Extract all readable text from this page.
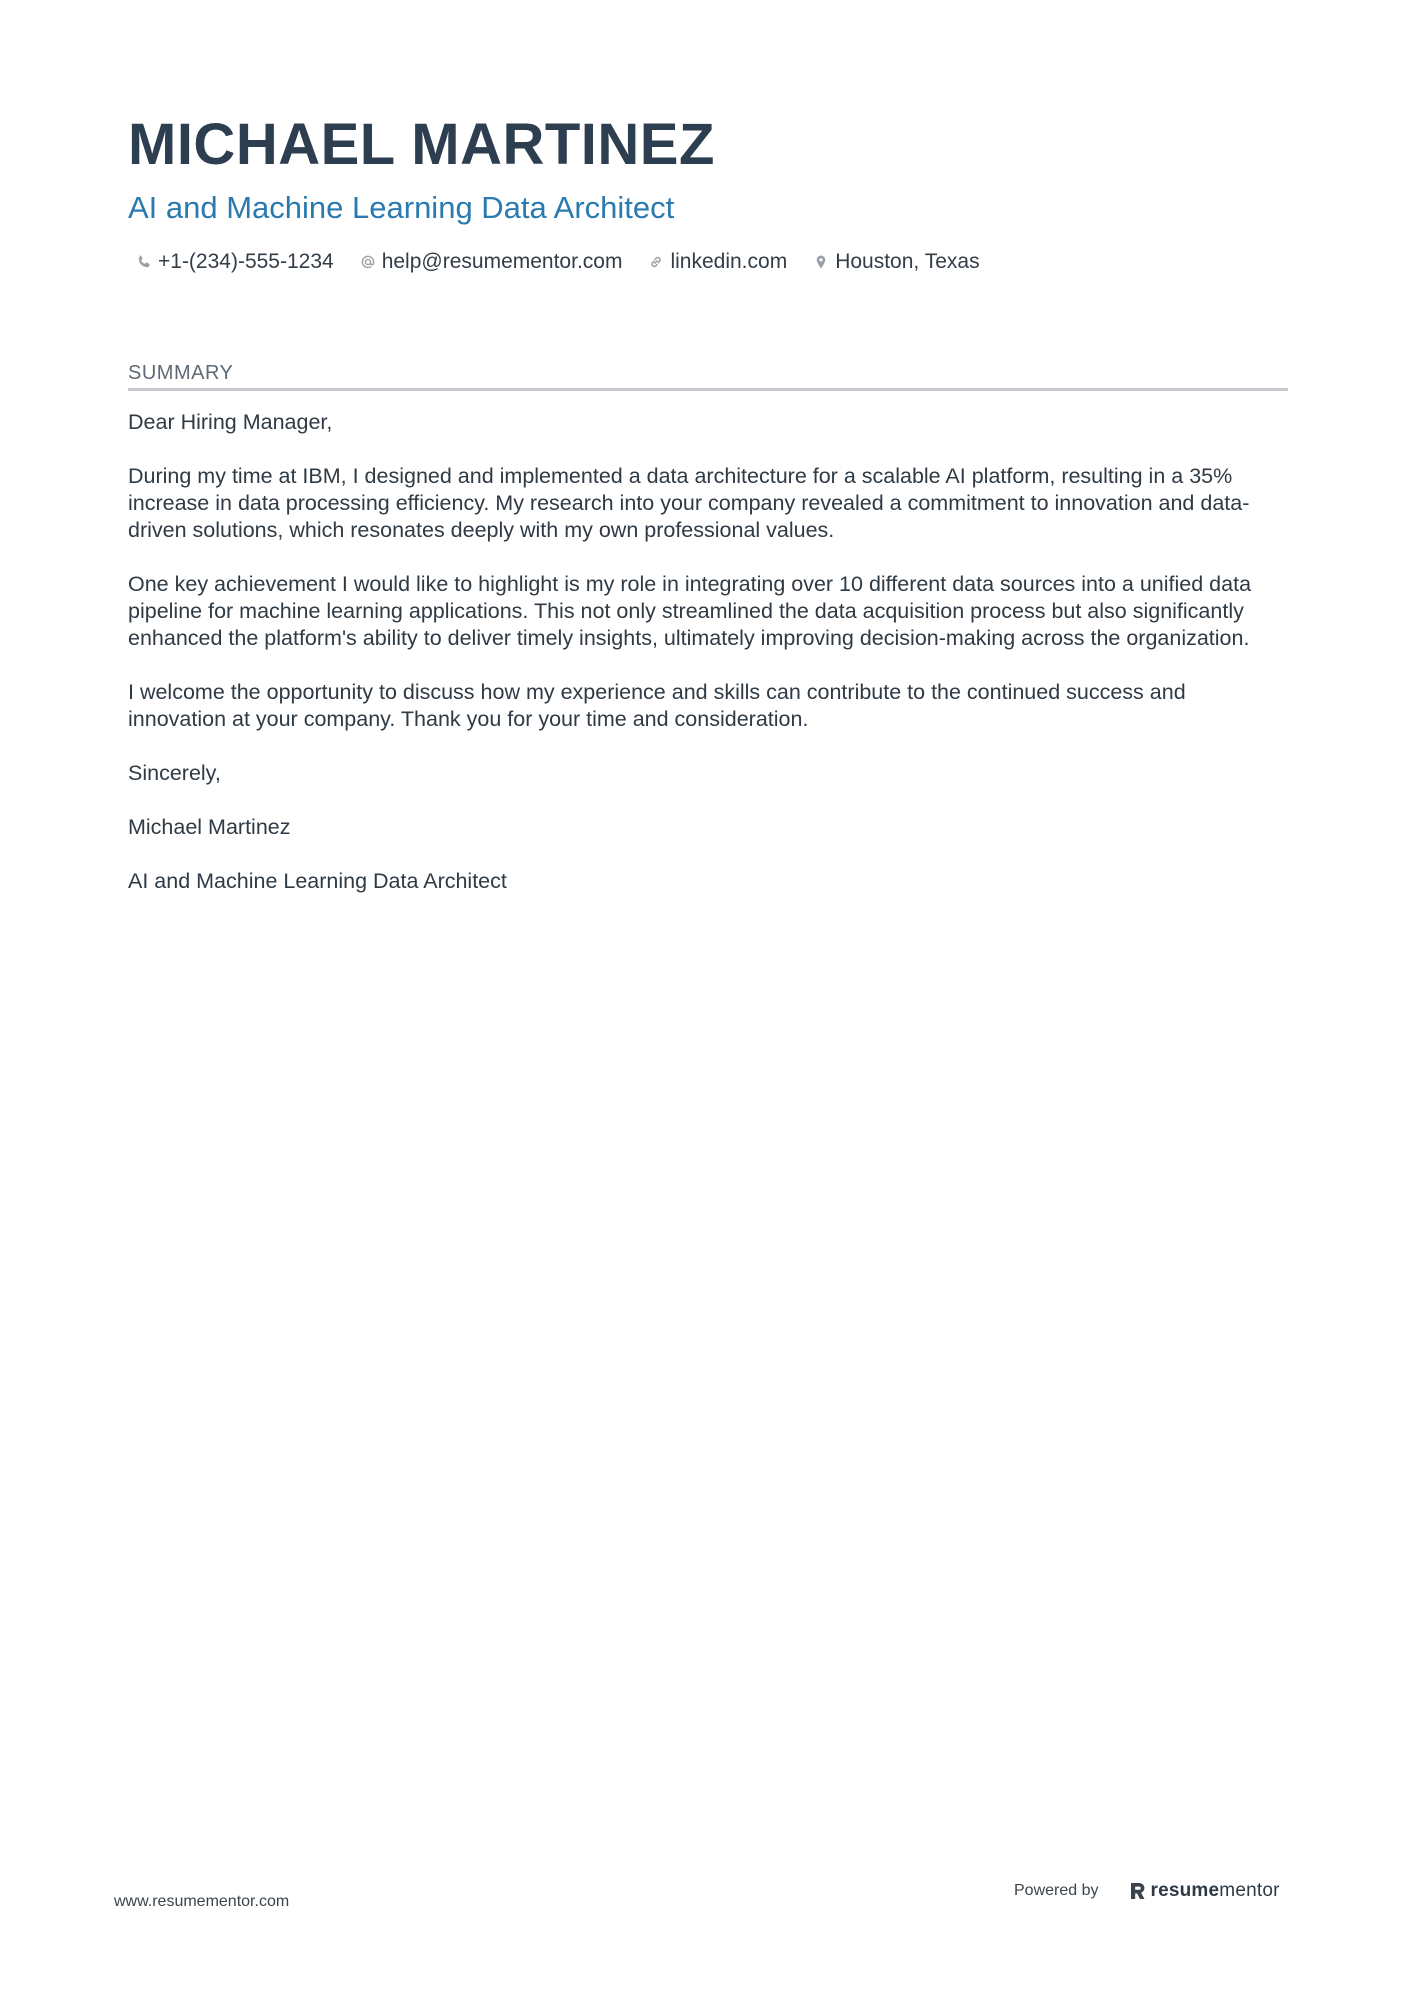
MICHAEL MARTINEZ
AI and Machine Learning Data Architect
+1-(234)-555-1234 help@resumementor.com linkedin.com Houston, Texas
SUMMARY

Dear Hiring Manager,

During my time at IBM, I designed and implemented a data architecture for a scalable AI platform, resulting in a 35% increase in data processing efficiency. My research into your company revealed a commitment to innovation and data-driven solutions, which resonates deeply with my own professional values.

One key achievement I would like to highlight is my role in integrating over 10 different data sources into a unified data pipeline for machine learning applications. This not only streamlined the data acquisition process but also significantly enhanced the platform's ability to deliver timely insights, ultimately improving decision-making across the organization.

I welcome the opportunity to discuss how my experience and skills can contribute to the continued success and innovation at your company. Thank you for your time and consideration.

Sincerely,

Michael Martinez

AI and Machine Learning Data Architect

www.resumementor.com
Powered by	resume mentor
